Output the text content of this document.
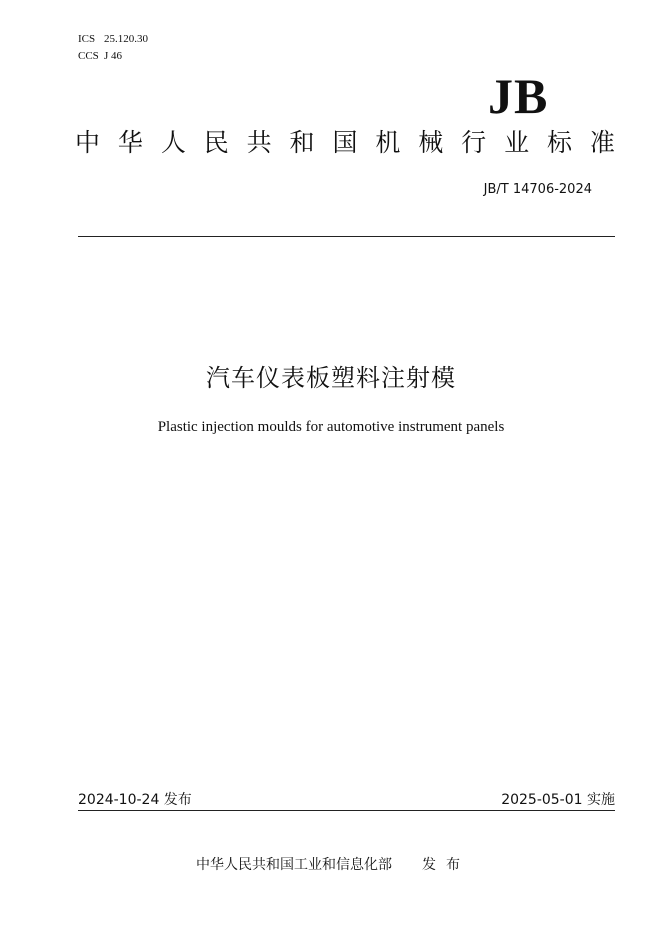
ICS 25.120.30
CCS J 46
JB
中 华 人 民 共 和 国 机 械 行 业 标 准
JB/T 14706-2024
汽车仪表板塑料注射模
Plastic injection moulds for automotive instrument panels
2024-10-24 发布	2025-05-01 实施
中华人民共和国工业和信息化部 发布
